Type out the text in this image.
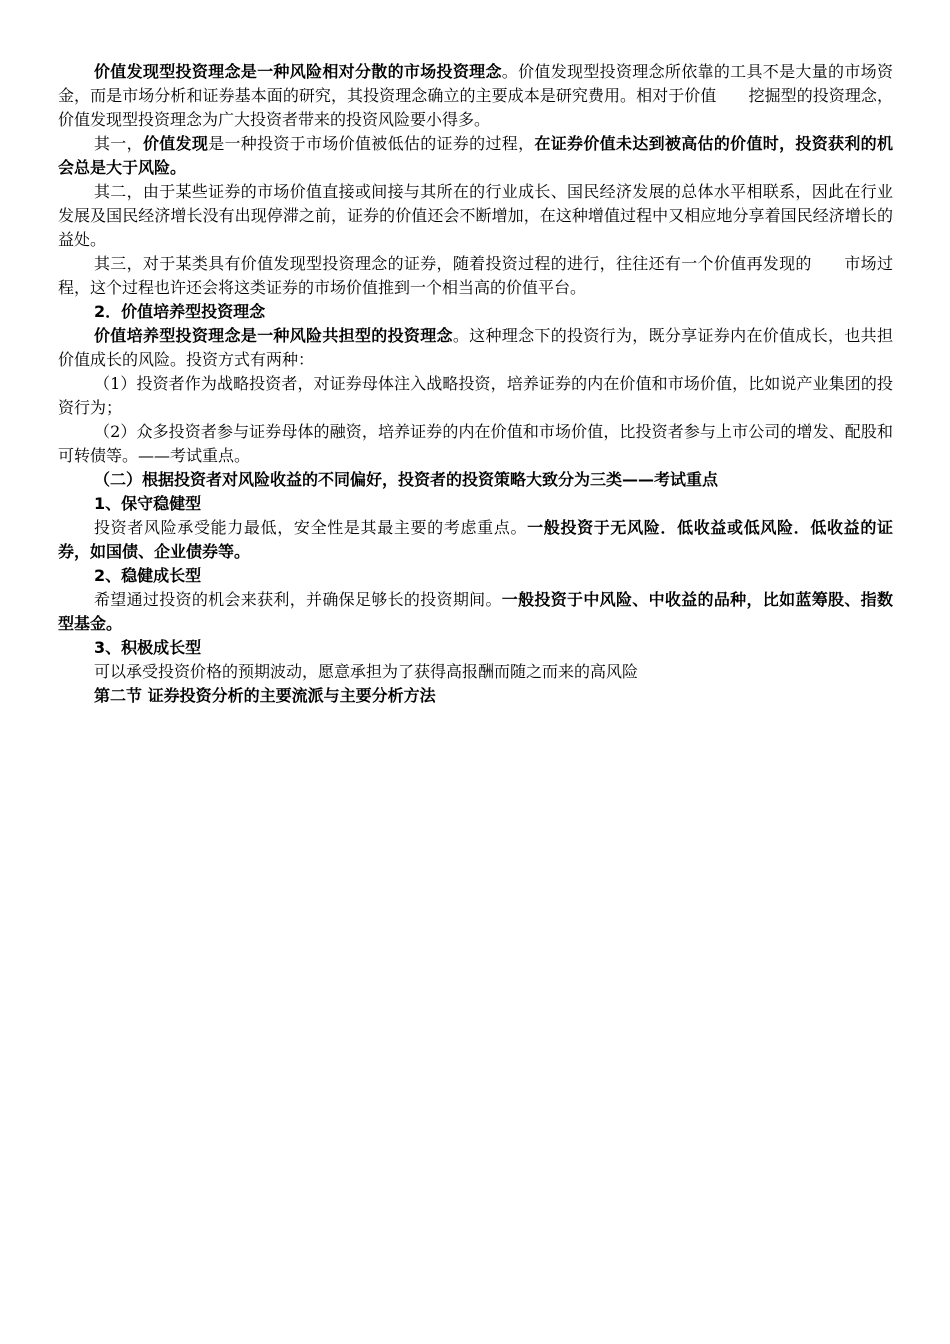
价值发现型投资理念是一种风险相对分散的市场投资理念。价值发现型投资理念所依靠的工具不是大量的市场资金，而是市场分析和证券基本面的研究，其投资理念确立的主要成本是研究费用。相对于价值　　挖掘型的投资理念，价值发现型投资理念为广大投资者带来的投资风险要小得多。

其一，价值发现是一种投资于市场价值被低估的证券的过程，在证券价值未达到被高估的价值时，投资获利的机会总是大于风险。

其二，由于某些证券的市场价值直接或间接与其所在的行业成长、国民经济发展的总体水平相联系，因此在行业发展及国民经济增长没有出现停滞之前，证券的价值还会不断增加，在这种增值过程中又相应地分享着国民经济增长的益处。

其三，对于某类具有价值发现型投资理念的证券，随着投资过程的进行，往往还有一个价值再发现的　　市场过程，这个过程也许还会将这类证券的市场价值推到一个相当高的价值平台。

2．价值培养型投资理念

价值培养型投资理念是一种风险共担型的投资理念。这种理念下的投资行为，既分享证券内在价值成长，也共担价值成长的风险。投资方式有两种：

（1）投资者作为战略投资者，对证券母体注入战略投资，培养证券的内在价值和市场价值，比如说产业集团的投资行为；

（2）众多投资者参与证券母体的融资，培养证券的内在价值和市场价值，比投资者参与上市公司的增发、配股和可转债等。——考试重点。

（二）根据投资者对风险收益的不同偏好，投资者的投资策略大致分为三类——考试重点

1、保守稳健型

投资者风险承受能力最低，安全性是其最主要的考虑重点。一般投资于无风险．低收益或低风险．低收益的证券，如国债、企业债券等。

2、稳健成长型

希望通过投资的机会来获利，并确保足够长的投资期间。一般投资于中风险、中收益的品种，比如蓝筹股、指数型基金。

3、积极成长型

可以承受投资价格的预期波动，愿意承担为了获得高报酬而随之而来的高风险

第二节 证券投资分析的主要流派与主要分析方法
